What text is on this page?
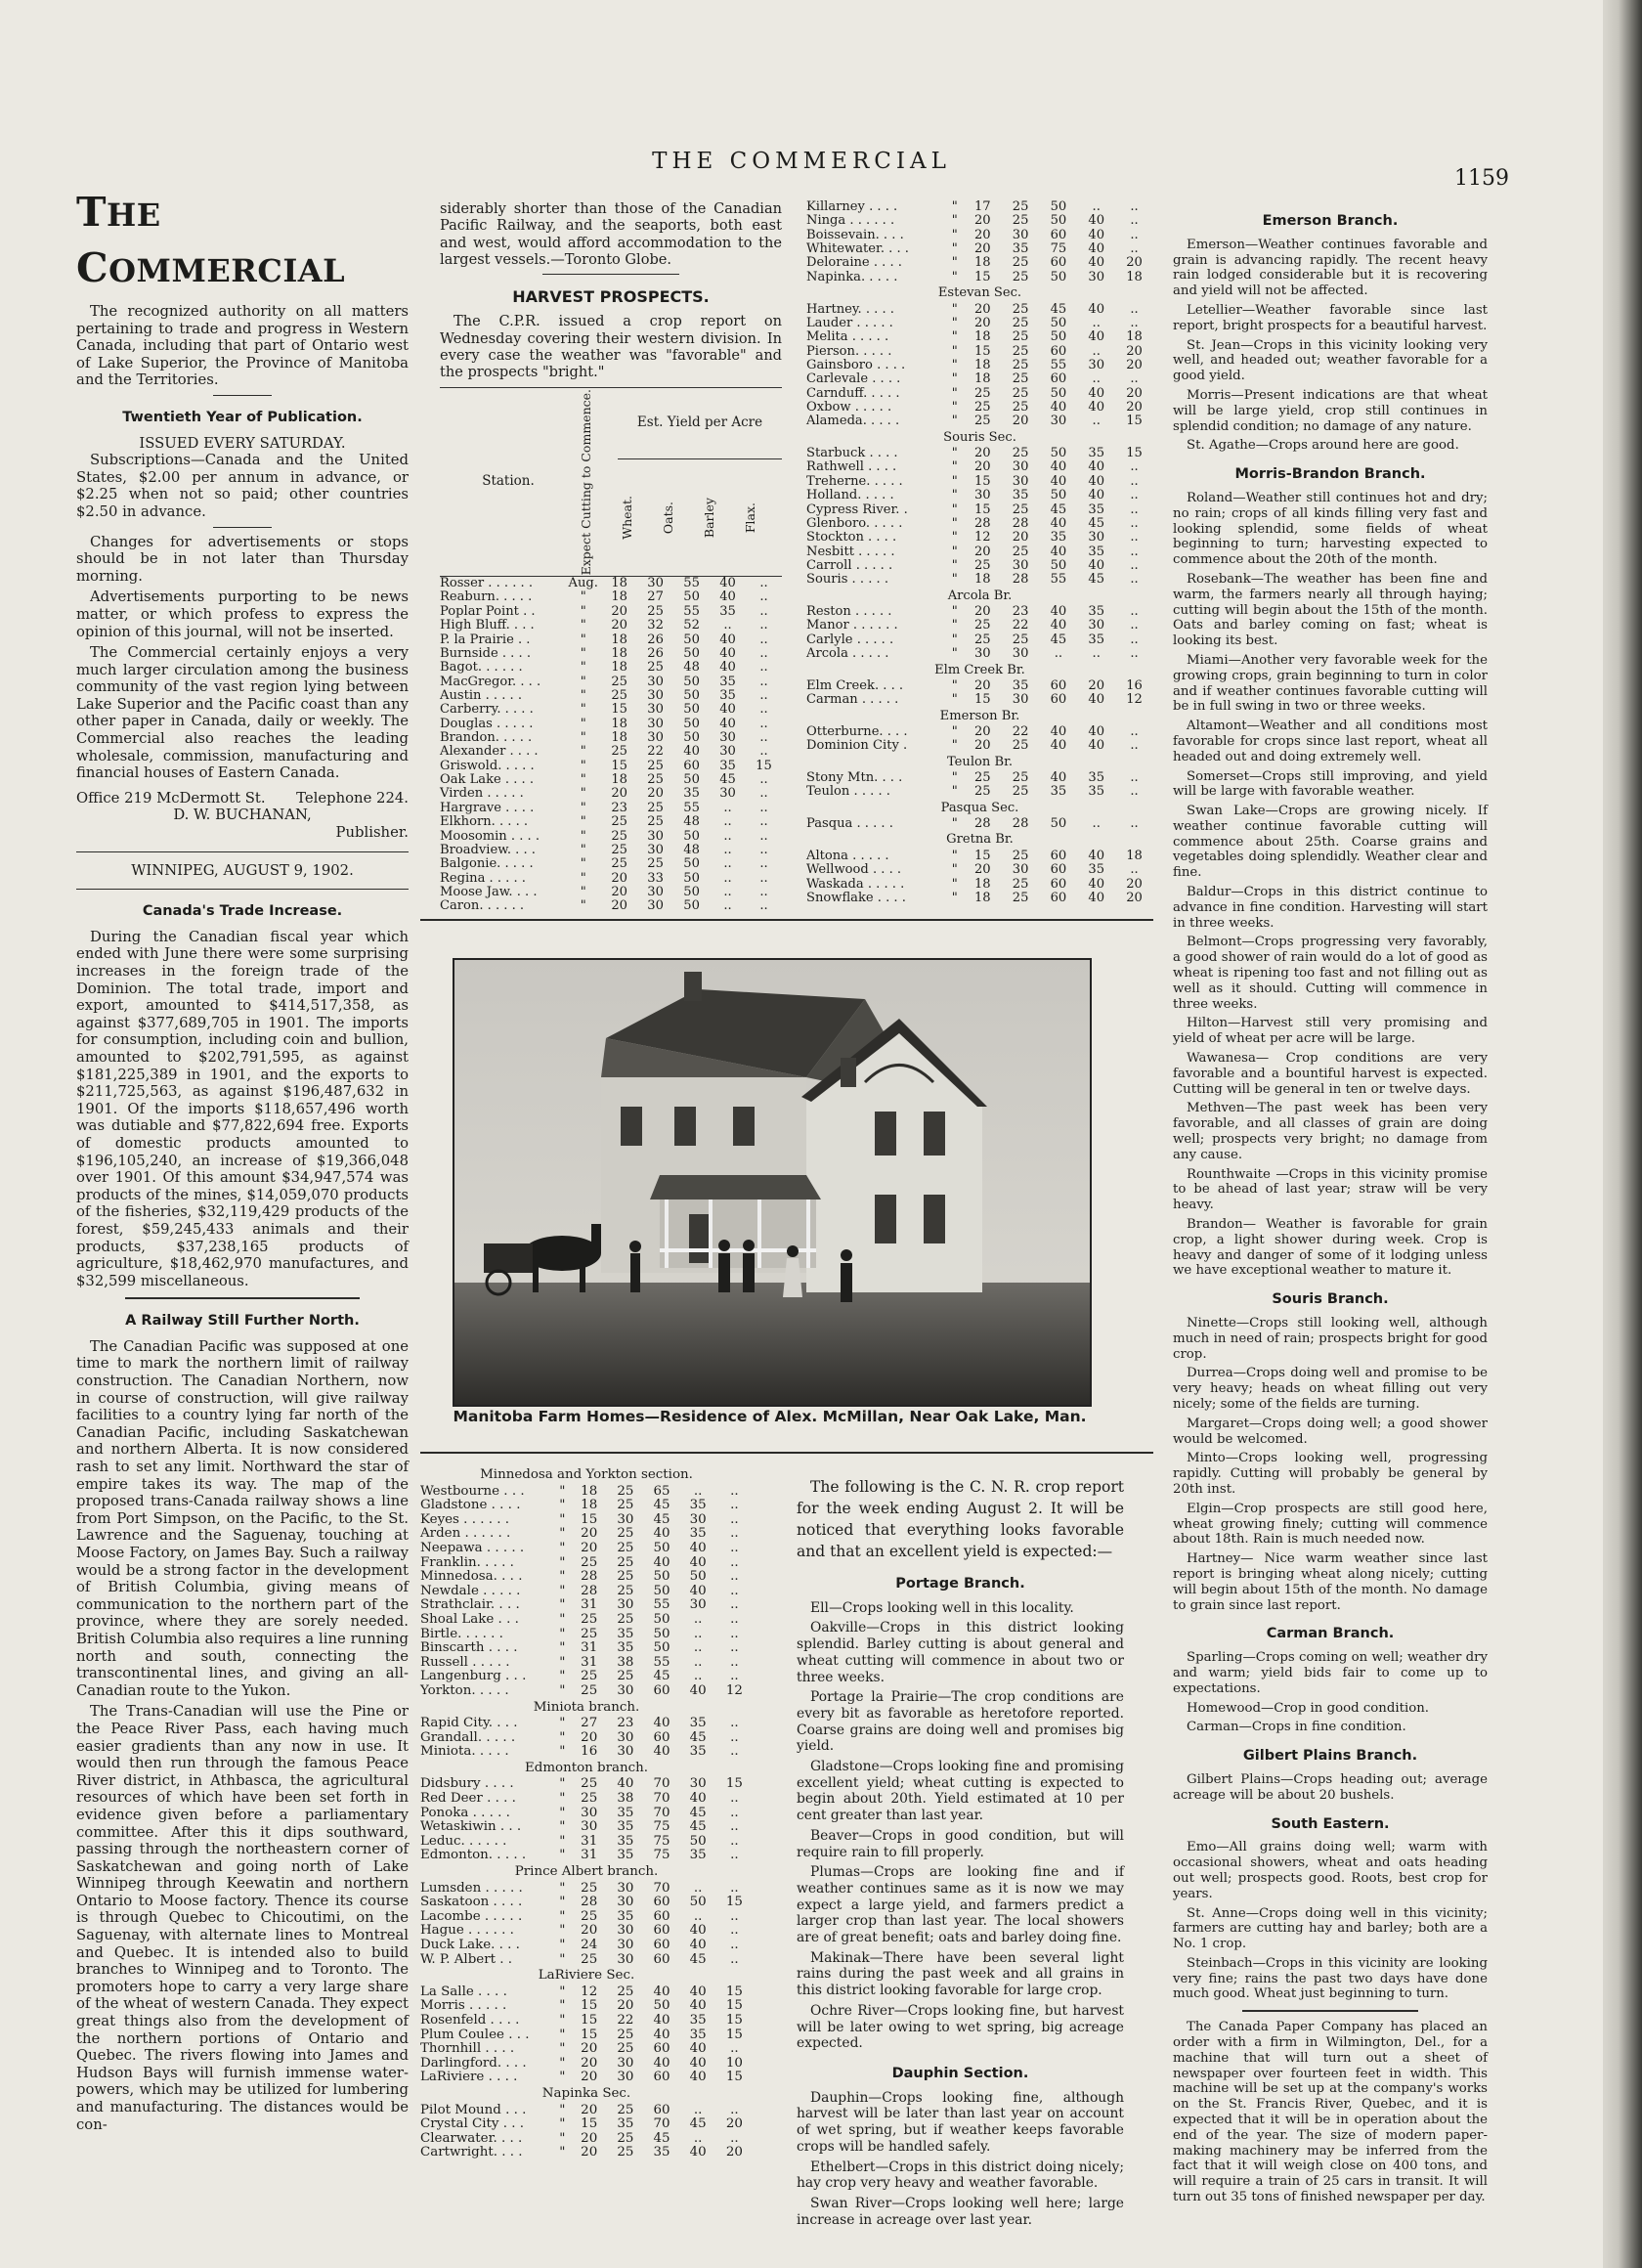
THE COMMERCIAL
1159
THE COMMERCIAL

The recognized authority on all matters pertaining to trade and progress in Western Canada, including that part of Ontario west of Lake Superior, the Province of Manitoba and the Territories.

Twentieth Year of Publication.
ISSUED EVERY SATURDAY.

Subscriptions—Canada and the United States, $2.00 per annum in advance, or $2.25 when not so paid; other countries $2.50 in advance.

Changes for advertisements or stops should be in not later than Thursday morning.

Advertisements purporting to be news matter, or which profess to express the opinion of this journal, will not be inserted.

The Commercial certainly enjoys a very much larger circulation among the business community of the vast region lying between Lake Superior and the Pacific coast than any other paper in Canada, daily or weekly. The Commercial also reaches the leading wholesale, commission, manufacturing and financial houses of Eastern Canada.

Office 219 McDermott St. Telephone 224.
D. W. BUCHANAN,
Publisher.
WINNIPEG, AUGUST 9, 1902.
Canada's Trade Increase.

During the Canadian fiscal year which ended with June there were some surprising increases in the foreign trade of the Dominion. The total trade, import and export, amounted to $414,517,358, as against $377,689,705 in 1901. The imports for consumption, including coin and bullion, amounted to $202,791,595, as against $181,225,389 in 1901, and the exports to $211,725,563, as against $196,487,632 in 1901. Of the imports $118,657,496 worth was dutiable and $77,822,694 free. Exports of domestic products amounted to $196,105,240, an increase of $19,366,048 over 1901. Of this amount $34,947,574 was products of the mines, $14,059,070 products of the fisheries, $32,119,429 products of the forest, $59,245,433 animals and their products, $37,238,165 products of agriculture, $18,462,970 manufactures, and $32,599 miscellaneous.

A Railway Still Further North.

The Canadian Pacific was supposed at one time to mark the northern limit of railway construction. The Canadian Northern, now in course of construction, will give railway facilities to a country lying far north of the Canadian Pacific, including Saskatchewan and northern Alberta. It is now considered rash to set any limit. Northward the star of empire takes its way. The map of the proposed trans-Canada railway shows a line from Port Simpson, on the Pacific, to the St. Lawrence and the Saguenay, touching at Moose Factory, on James Bay. Such a railway would be a strong factor in the development of British Columbia, giving means of communication to the northern part of the province, where they are sorely needed. British Columbia also requires a line running north and south, connecting the transcontinental lines, and giving an all-Canadian route to the Yukon.

The Trans-Canadian will use the Pine or the Peace River Pass, each having much easier gradients than any now in use. It would then run through the famous Peace River district, in Athbasca, the agricultural resources of which have been set forth in evidence given before a parliamentary committee. After this it dips southward, passing through the northeastern corner of Saskatchewan and going north of Lake Winnipeg through Keewatin and northern Ontario to Moose factory. Thence its course is through Quebec to Chicoutimi, on the Saguenay, with alternate lines to Montreal and Quebec. It is intended also to build branches to Winnipeg and to Toronto. The promoters hope to carry a very large share of the wheat of western Canada. They expect great things also from the development of the northern portions of Ontario and Quebec. The rivers flowing into James and Hudson Bays will furnish immense water-powers, which may be utilized for lumbering and manufacturing. The distances would be con-

siderably shorter than those of the Canadian Pacific Railway, and the seaports, both east and west, would afford accommodation to the largest vessels.—Toronto Globe.

HARVEST PROSPECTS.

The C.P.R. issued a crop report on Wednesday covering their western division. In every case the weather was "favorable" and the prospects "bright."

Station.	Expect Cutting to Commence.	Est. Yield per Acre			

		Wheat.	Oats.	Barley	Flax.
Rosser . . . . . .	Aug.	18	30	55	40	..
Reaburn. . . . .	"	18	27	50	40	..
Poplar Point . .	"	20	25	55	35	..
High Bluff. . . .	"	20	32	52	..	..
P. la Prairie . .	"	18	26	50	40	..
Burnside . . . .	"	18	26	50	40	..
Bagot. . . . . .	"	18	25	48	40	..
MacGregor. . . .	"	25	30	50	35	..
Austin . . . . .	"	25	30	50	35	..
Carberry. . . . .	"	15	30	50	40	..
Douglas . . . . .	"	18	30	50	40	..
Brandon. . . . .	"	18	30	50	30	..
Alexander . . . .	"	25	22	40	30	..
Griswold. . . . .	"	15	25	60	35	15
Oak Lake . . . .	"	18	25	50	45	..
Virden . . . . .	"	20	20	35	30	..
Hargrave . . . .	"	23	25	55	..	..
Elkhorn. . . . .	"	25	25	48	..	..
Moosomin . . . .	"	25	30	50	..	..
Broadview. . . .	"	25	30	48	..	..
Balgonie. . . . .	"	25	25	50	..	..
Regina . . . . .	"	20	33	50	..	..
Moose Jaw. . . .	"	20	30	50	..	..
Caron. . . . . .	"	20	30	50	..	..
Killarney . . . .	"	17	25	50	..	..
Ninga . . . . . .	"	20	25	50	40	..
Boissevain. . . .	"	20	30	60	40	..
Whitewater. . . .	"	20	35	75	40	..
Deloraine . . . .	"	18	25	60	40	20
Napinka. . . . .	"	15	25	50	30	18
Estevan Sec.						
Hartney. . . . .	"	20	25	45	40	..
Lauder . . . . .	"	20	25	50	..	..
Melita . . . . .	"	18	25	50	40	18
Pierson. . . . .	"	15	25	60	..	20
Gainsboro . . . .	"	18	25	55	30	20
Carlevale . . . .	"	18	25	60	..	..
Carnduff. . . . .	"	25	25	50	40	20
Oxbow . . . . .	"	25	25	40	40	20
Alameda. . . . .	"	25	20	30	..	15
Souris Sec.						
Starbuck . . . .	"	20	25	50	35	15
Rathwell . . . .	"	20	30	40	40	..
Treherne. . . . .	"	15	30	40	40	..
Holland. . . . .	"	30	35	50	40	..
Cypress River. .	"	15	25	45	35	..
Glenboro. . . . .	"	28	28	40	45	..
Stockton . . . .	"	12	20	35	30	..
Nesbitt . . . . .	"	20	25	40	35	..
Carroll . . . . .	"	25	30	50	40	..
Souris . . . . .	"	18	28	55	45	..
Arcola Br.						
Reston . . . . .	"	20	23	40	35	..
Manor . . . . . .	"	25	22	40	30	..
Carlyle . . . . .	"	25	25	45	35	..
Arcola . . . . .	"	30	30	..	..	..
Elm Creek Br.						
Elm Creek. . . .	"	20	35	60	20	16
Carman . . . . .	"	15	30	60	40	12
Emerson Br.						
Otterburne. . . .	"	20	22	40	40	..
Dominion City .	"	20	25	40	40	..
Teulon Br.						
Stony Mtn. . . .	"	25	25	40	35	..
Teulon . . . . .	"	25	25	35	35	..
Pasqua Sec.						
Pasqua . . . . .	"	28	28	50	..	..
Gretna Br.						
Altona . . . . .	"	15	25	60	40	18
Wellwood . . . .	"	20	30	60	35	..
Waskada . . . . .	"	18	25	60	40	20
Snowflake . . . .	"	18	25	60	40	20
Emerson Branch.

Emerson—Weather continues favorable and grain is advancing rapidly. The recent heavy rain lodged considerable but it is recovering and yield will not be affected.

Letellier—Weather favorable since last report, bright prospects for a beautiful harvest.

St. Jean—Crops in this vicinity looking very well, and headed out; weather favorable for a good yield.

Morris—Present indications are that wheat will be large yield, crop still continues in splendid condition; no damage of any nature.

St. Agathe—Crops around here are good.

Morris-Brandon Branch.

Roland—Weather still continues hot and dry; no rain; crops of all kinds filling very fast and looking splendid, some fields of wheat beginning to turn; harvesting expected to commence about the 20th of the month.

Rosebank—The weather has been fine and warm, the farmers nearly all through haying; cutting will begin about the 15th of the month. Oats and barley coming on fast; wheat is looking its best.

Miami—Another very favorable week for the growing crops, grain beginning to turn in color and if weather continues favorable cutting will be in full swing in two or three weeks.

Altamont—Weather and all conditions most favorable for crops since last report, wheat all headed out and doing extremely well.

Somerset—Crops still improving, and yield will be large with favorable weather.

Swan Lake—Crops are growing nicely. If weather continue favorable cutting will commence about 25th. Coarse grains and vegetables doing splendidly. Weather clear and fine.

Baldur—Crops in this district continue to advance in fine condition. Harvesting will start in three weeks.

Belmont—Crops progressing very favorably, a good shower of rain would do a lot of good as wheat is ripening too fast and not filling out as well as it should. Cutting will commence in three weeks.

Hilton—Harvest still very promising and yield of wheat per acre will be large.

Wawanesa— Crop conditions are very favorable and a bountiful harvest is expected. Cutting will be general in ten or twelve days.

Methven—The past week has been very favorable, and all classes of grain are doing well; prospects very bright; no damage from any cause.

Rounthwaite —Crops in this vicinity promise to be ahead of last year; straw will be very heavy.

Brandon— Weather is favorable for grain crop, a light shower during week. Crop is heavy and danger of some of it lodging unless we have exceptional weather to mature it.

Souris Branch.

Ninette—Crops still looking well, although much in need of rain; prospects bright for good crop.

Durrea—Crops doing well and promise to be very heavy; heads on wheat filling out very nicely; some of the fields are turning.

Margaret—Crops doing well; a good shower would be welcomed.

Minto—Crops looking well, progressing rapidly. Cutting will probably be general by 20th inst.

Elgin—Crop prospects are still good here, wheat growing finely; cutting will commence about 18th. Rain is much needed now.

Hartney— Nice warm weather since last report is bringing wheat along nicely; cutting will begin about 15th of the month. No damage to grain since last report.

Carman Branch.

Sparling—Crops coming on well; weather dry and warm; yield bids fair to come up to expectations.

Homewood—Crop in good condition.

Carman—Crops in fine condition.

Gilbert Plains Branch.

Gilbert Plains—Crops heading out; average acreage will be about 20 bushels.

South Eastern.

Emo—All grains doing well; warm with occasional showers, wheat and oats heading out well; prospects good. Roots, best crop for years.

St. Anne—Crops doing well in this vicinity; farmers are cutting hay and barley; both are a No. 1 crop.

Steinbach—Crops in this vicinity are looking very fine; rains the past two days have done much good. Wheat just beginning to turn.

The Canada Paper Company has placed an order with a firm in Wilmington, Del., for a machine that will turn out a sheet of newspaper over fourteen feet in width. This machine will be set up at the company's works on the St. Francis River, Quebec, and it is expected that it will be in operation about the end of the year. The size of modern paper-making machinery may be inferred from the fact that it will weigh close on 400 tons, and will require a train of 25 cars in transit. It will turn out 35 tons of finished newspaper per day.

Manitoba Farm Homes—Residence of Alex. McMillan, Near Oak Lake, Man.
Minnedosa and Yorkton section.						
Westbourne . . .	"	18	25	65	..	..
Gladstone . . . .	"	18	25	45	35	..
Keyes . . . . . .	"	15	30	45	30	..
Arden . . . . . .	"	20	25	40	35	..
Neepawa . . . . .	"	20	25	50	40	..
Franklin. . . . .	"	25	25	40	40	..
Minnedosa. . . .	"	28	25	50	50	..
Newdale . . . . .	"	28	25	50	40	..
Strathclair. . . .	"	31	30	55	30	..
Shoal Lake . . .	"	25	25	50	..	..
Birtle. . . . . .	"	25	35	50	..	..
Binscarth . . . .	"	31	35	50	..	..
Russell . . . . .	"	31	38	55	..	..
Langenburg . . .	"	25	25	45	..	..
Yorkton. . . . .	"	25	30	60	40	12
Miniota branch.						
Rapid City. . . .	"	27	23	40	35	..
Grandall. . . . .	"	20	30	60	45	..
Miniota. . . . .	"	16	30	40	35	..
Edmonton branch.						
Didsbury . . . .	"	25	40	70	30	15
Red Deer . . . .	"	25	38	70	40	..
Ponoka . . . . .	"	30	35	70	45	..
Wetaskiwin . . .	"	30	35	75	45	..
Leduc. . . . . .	"	31	35	75	50	..
Edmonton. . . . .	"	31	35	75	35	..
Prince Albert branch.						
Lumsden . . . . .	"	25	30	70	..	..
Saskatoon . . . .	"	28	30	60	50	15
Lacombe . . . . .	"	25	35	60	..	..
Hague . . . . . .	"	20	30	60	40	..
Duck Lake. . . .	"	24	30	60	40	..
W. P. Albert . .	"	25	30	60	45	..
LaRiviere Sec.						
La Salle . . . .	"	12	25	40	40	15
Morris . . . . .	"	15	20	50	40	15
Rosenfeld . . . .	"	15	22	40	35	15
Plum Coulee . . .	"	15	25	40	35	15
Thornhill . . . .	"	20	25	60	40	..
Darlingford. . . .	"	20	30	40	40	10
LaRiviere . . . .	"	20	30	60	40	15
Napinka Sec.						
Pilot Mound . . .	"	20	25	60	..	..
Crystal City . . .	"	15	35	70	45	20
Clearwater. . . .	"	20	25	45	..	..
Cartwright. . . .	"	20	25	35	40	20

The following is the C. N. R. crop report for the week ending August 2. It will be noticed that everything looks favorable and that an excellent yield is expected:—

Portage Branch.

Ell—Crops looking well in this locality.

Oakville—Crops in this district looking splendid. Barley cutting is about general and wheat cutting will commence in about two or three weeks.

Portage la Prairie—The crop conditions are every bit as favorable as heretofore reported. Coarse grains are doing well and promises big yield.

Gladstone—Crops looking fine and promising excellent yield; wheat cutting is expected to begin about 20th. Yield estimated at 10 per cent greater than last year.

Beaver—Crops in good condition, but will require rain to fill properly.

Plumas—Crops are looking fine and if weather continues same as it is now we may expect a large yield, and farmers predict a larger crop than last year. The local showers are of great benefit; oats and barley doing fine.

Makinak—There have been several light rains during the past week and all grains in this district looking favorable for large crop.

Ochre River—Crops looking fine, but harvest will be later owing to wet spring, big acreage expected.

Dauphin Section.

Dauphin—Crops looking fine, although harvest will be later than last year on account of wet spring, but if weather keeps favorable crops will be handled safely.

Ethelbert—Crops in this district doing nicely; hay crop very heavy and weather favorable.

Swan River—Crops looking well here; large increase in acreage over last year.
